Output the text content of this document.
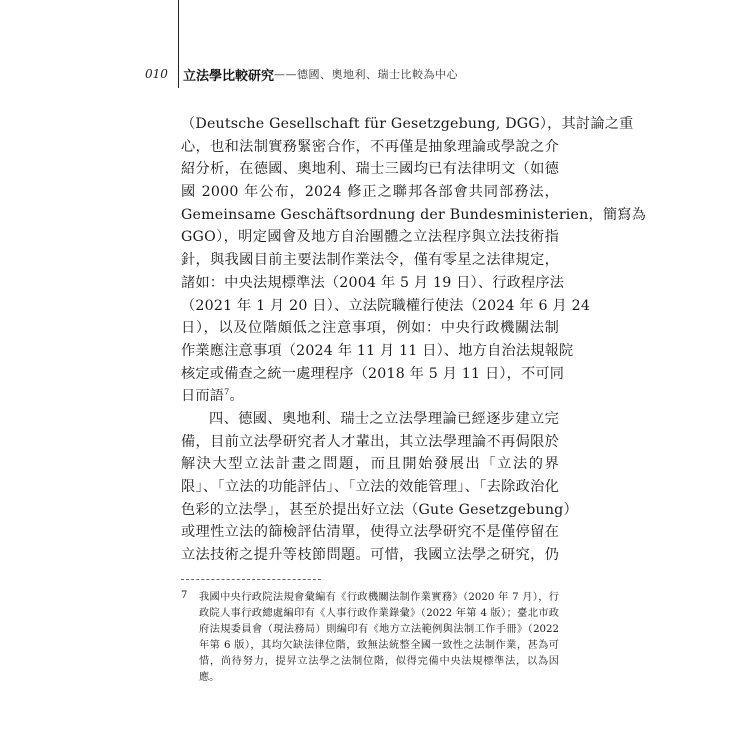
010	立法學比較研究 ——德國、奧地利、瑞士比較為中心
（Deutsche Gesellschaft für Gesetzgebung, DGG），其討論之重
心，也和法制實務緊密合作，不再僅是抽象理論或學說之介
紹分析，在德國、奧地利、瑞士三國均已有法律明文（如德
國 2000 年公布，2024 修正之聯邦各部會共同部務法，
Gemeinsame Geschäftsordnung der Bundesministerien，簡寫為
GGO），明定國會及地方自治團體之立法程序與立法技術指
針，與我國目前主要法制作業法令，僅有零星之法律規定，
諸如：中央法規標準法（2004 年 5 月 19 日）、行政程序法
（2021 年 1 月 20 日）、立法院職權行使法（2024 年 6 月 24
日），以及位階頗低之注意事項，例如：中央行政機關法制
作業應注意事項（2024 年 11 月 11 日）、地方自治法規報院
核定或備查之統一處理程序（2018 年 5 月 11 日），不可同
日而語$^7$。
四、德國、奧地利、瑞士之立法學理論已經逐步建立完
備，目前立法學研究者人才輩出，其立法學理論不再侷限於
解決大型立法計畫之問題，而且開始發展出「立法的界
限」、「立法的功能評估」、「立法的效能管理」、「去除政治化
色彩的立法學」，甚至於提出好立法（Gute Gesetzgebung）
或理性立法的篩檢評估清單，使得立法學研究不是僅停留在
立法技術之提升等枝節問題。可惜，我國立法學之研究，仍
7 我國中央行政院法規會彙編有《行政機關法制作業實務》（2020 年 7 月），行
政院人事行政總處編印有《人事行政作業錄彙》（2022 年第 4 版）；臺北市政
府法規委員會（現法務局）則編印有《地方立法範例與法制工作手冊》（2022
年第 6 版），其均欠缺法律位階，致無法統整全國一致性之法制作業，甚為可
惜，尚待努力，提昇立法學之法制位階，似得完備中央法規標準法，以為因
應。
